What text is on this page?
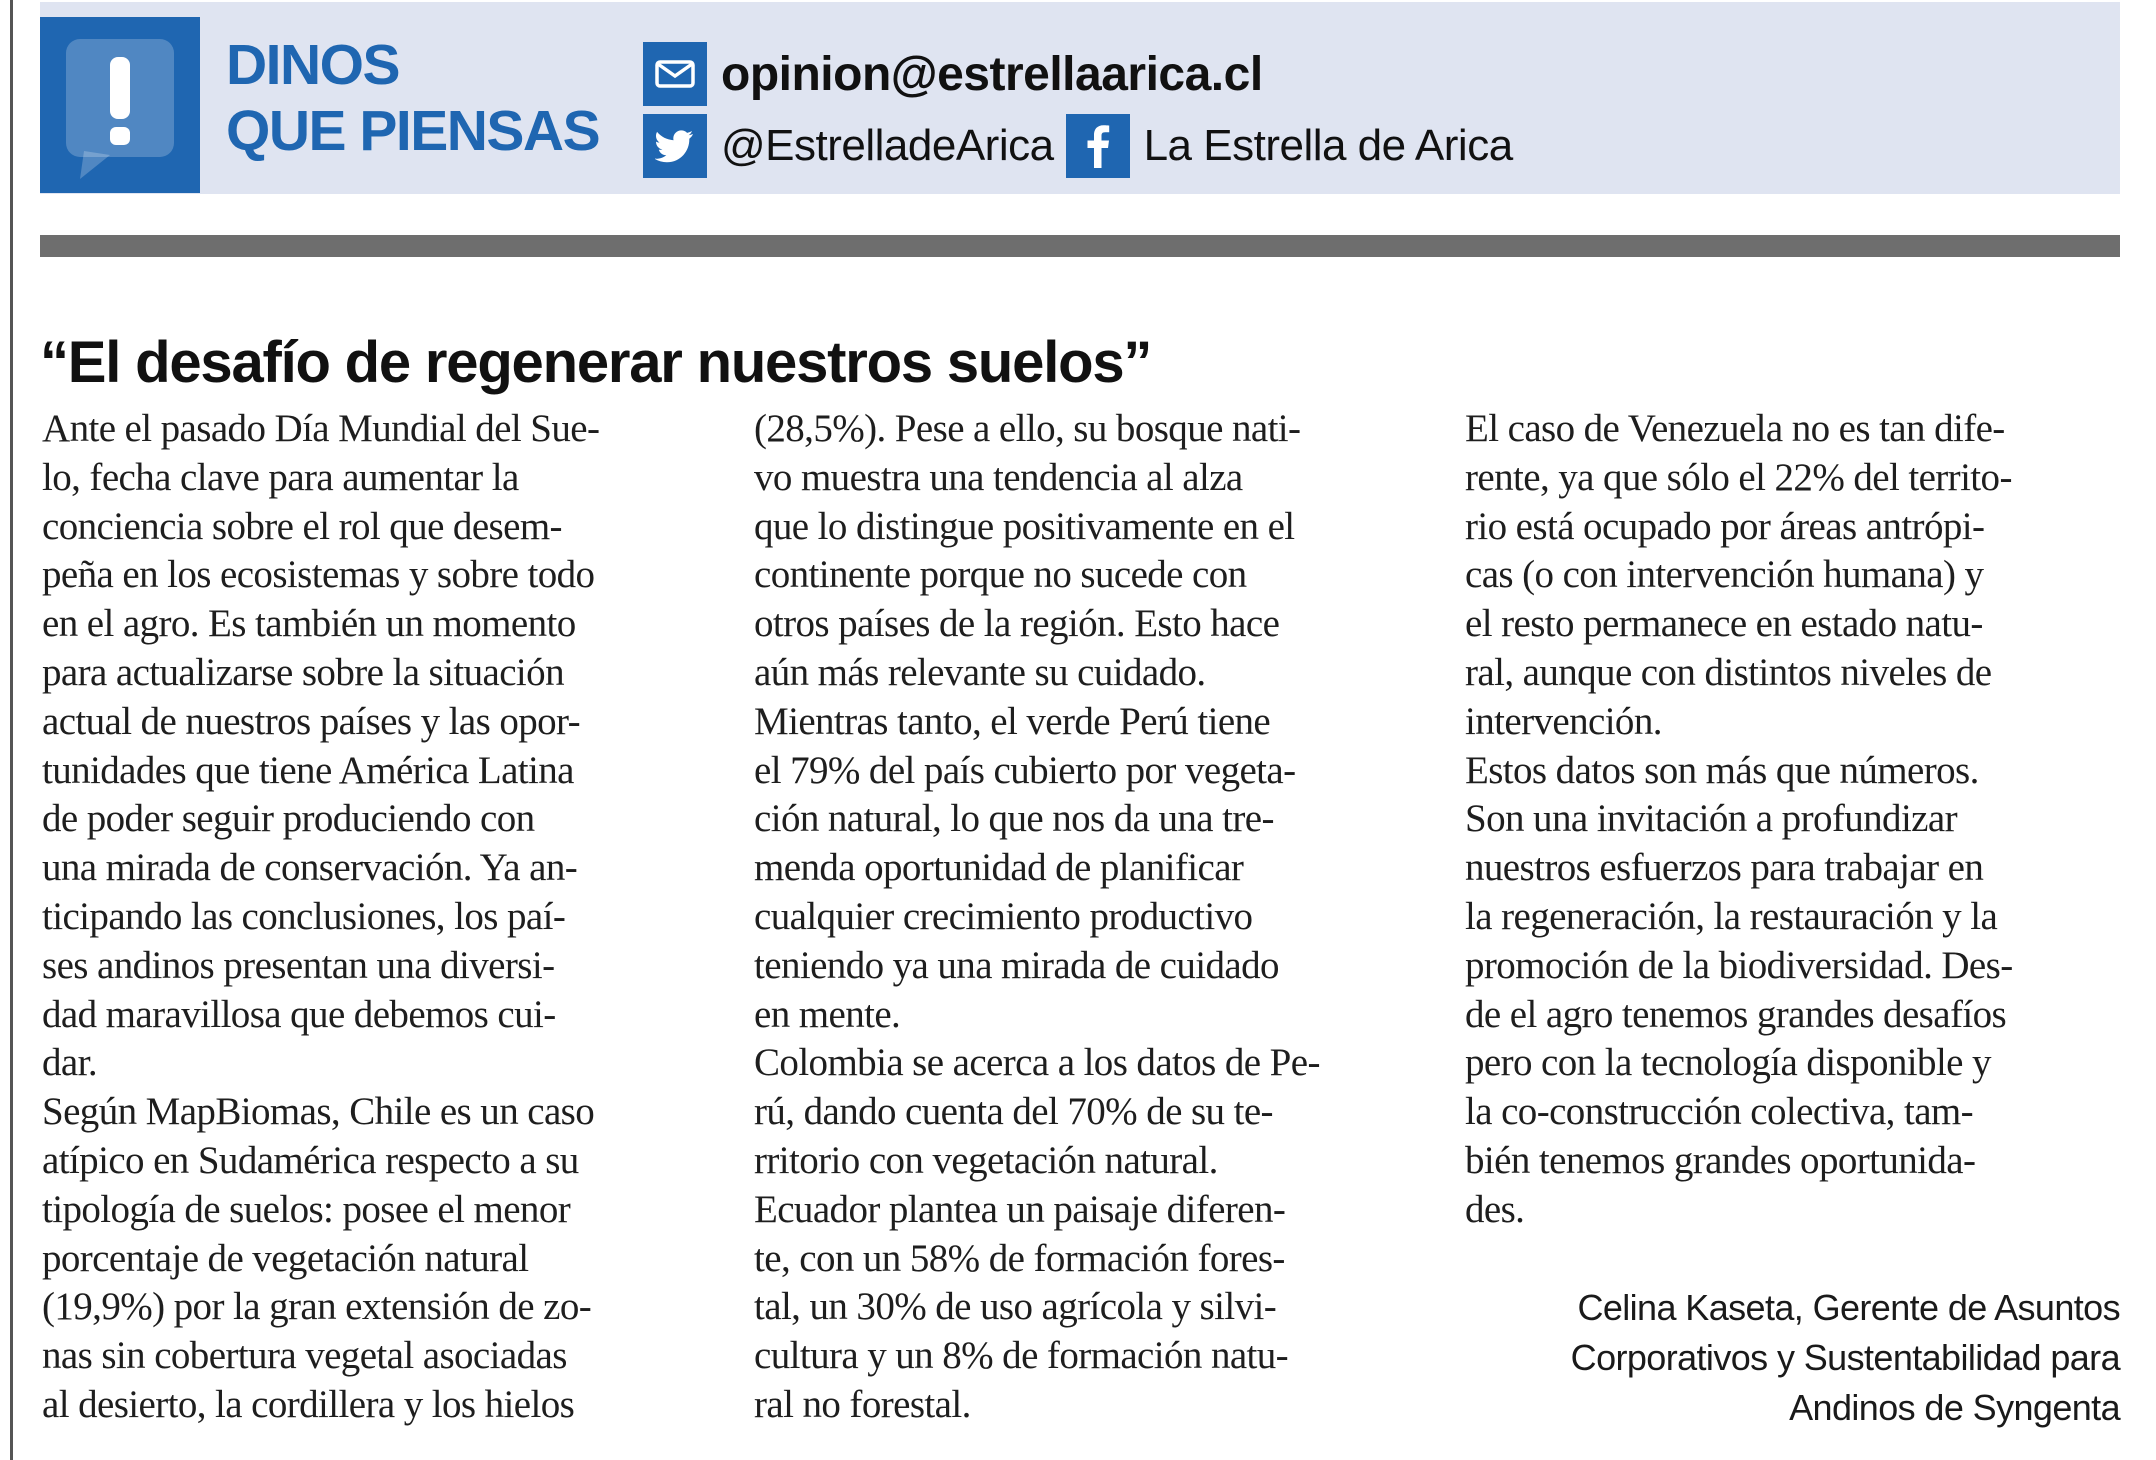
DINOS
QUE PIENSAS
opinion@estrellaarica.cl
@EstrelladeArica La Estrella de Arica
“El desafío de regenerar nuestros suelos”
Ante el pasado Día Mundial del Sue-
lo, fecha clave para aumentar la
conciencia sobre el rol que desem-
peña en los ecosistemas y sobre todo
en el agro. Es también un momento
para actualizarse sobre la situación
actual de nuestros países y las opor-
tunidades que tiene América Latina
de poder seguir produciendo con
una mirada de conservación. Ya an-
ticipando las conclusiones, los paí-
ses andinos presentan una diversi-
dad maravillosa que debemos cui-
dar.
Según MapBiomas, Chile es un caso
atípico en Sudamérica respecto a su
tipología de suelos: posee el menor
porcentaje de vegetación natural
(19,9%) por la gran extensión de zo-
nas sin cobertura vegetal asociadas
al desierto, la cordillera y los hielos
(28,5%). Pese a ello, su bosque nati-
vo muestra una tendencia al alza
que lo distingue positivamente en el
continente porque no sucede con
otros países de la región. Esto hace
aún más relevante su cuidado.
Mientras tanto, el verde Perú tiene
el 79% del país cubierto por vegeta-
ción natural, lo que nos da una tre-
menda oportunidad de planificar
cualquier crecimiento productivo
teniendo ya una mirada de cuidado
en mente.
Colombia se acerca a los datos de Pe-
rú, dando cuenta del 70% de su te-
rritorio con vegetación natural.
Ecuador plantea un paisaje diferen-
te, con un 58% de formación fores-
tal, un 30% de uso agrícola y silvi-
cultura y un 8% de formación natu-
ral no forestal.
El caso de Venezuela no es tan dife-
rente, ya que sólo el 22% del territo-
rio está ocupado por áreas antrópi-
cas (o con intervención humana) y
el resto permanece en estado natu-
ral, aunque con distintos niveles de
intervención.
Estos datos son más que números.
Son una invitación a profundizar
nuestros esfuerzos para trabajar en
la regeneración, la restauración y la
promoción de la biodiversidad. Des-
de el agro tenemos grandes desafíos
pero con la tecnología disponible y
la co-construcción colectiva, tam-
bién tenemos grandes oportunida-
des.
Celina Kaseta, Gerente de Asuntos
Corporativos y Sustentabilidad para
Andinos de Syngenta
